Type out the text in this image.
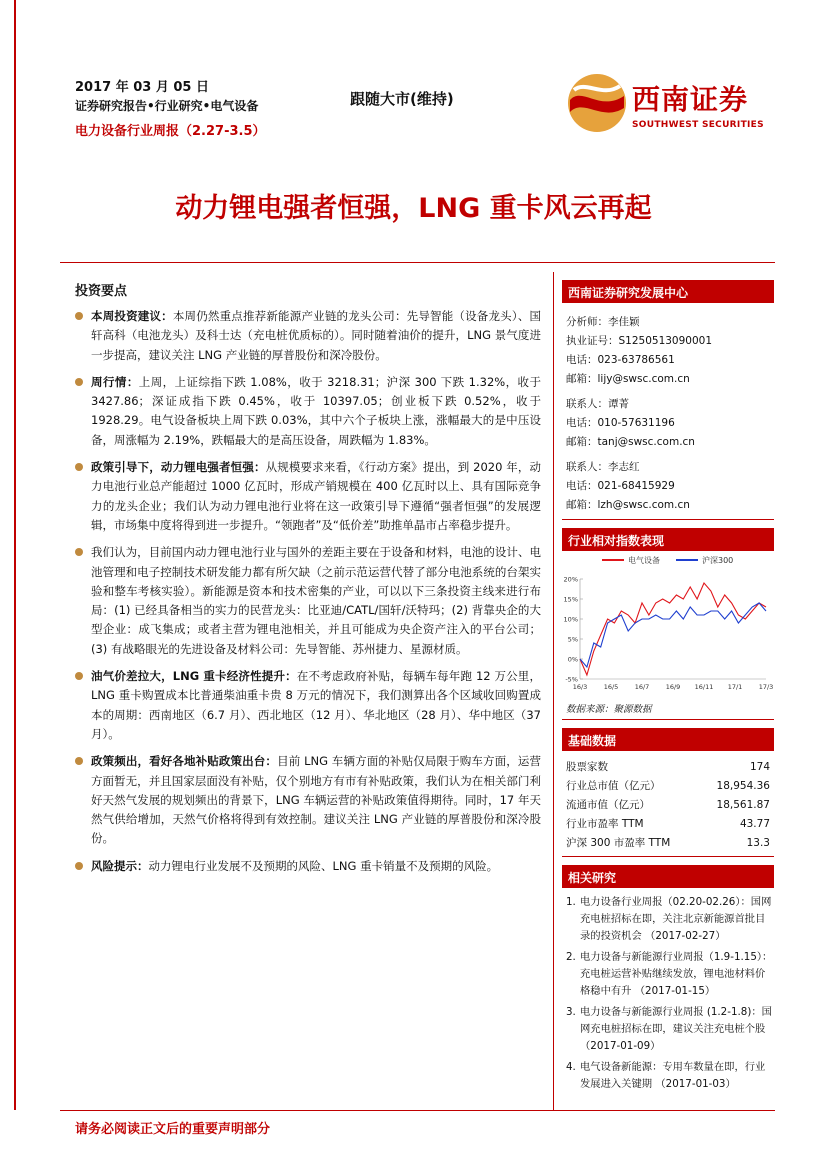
2017 年 03 月 05 日
证券研究报告•行业研究•电气设备
电力设备行业周报（2.27-3.5）
跟随大市(维持)	西南证券
SOUTHWEST SECURITIES
动力锂电强者恒强，LNG 重卡风云再起
投资要点
本周投资建议：本周仍然重点推荐新能源产业链的龙头公司：先导智能（设备龙头）、国轩高科（电池龙头）及科士达（充电桩优质标的）。同时随着油价的提升，LNG 景气度进一步提高，建议关注 LNG 产业链的厚普股份和深冷股份。
周行情：上周，上证综指下跌 1.08%，收于 3218.31；沪深 300 下跌 1.32%，收于 3427.86；深证成指下跌 0.45%，收于 10397.05；创业板下跌 0.52%，收于 1928.29。电气设备板块上周下跌 0.03%，其中六个子板块上涨，涨幅最大的是中压设备，周涨幅为 2.19%，跌幅最大的是高压设备，周跌幅为 1.83%。
政策引导下，动力锂电强者恒强：从规模要求来看，《行动方案》提出，到 2020 年，动力电池行业总产能超过 1000 亿瓦时，形成产销规模在 400 亿瓦时以上、具有国际竞争力的龙头企业；我们认为动力锂电池行业将在这一政策引导下遵循“强者恒强”的发展逻辑，市场集中度将得到进一步提升。“领跑者”及“低价差”助推单晶市占率稳步提升。
我们认为，目前国内动力锂电池行业与国外的差距主要在于设备和材料，电池的设计、电池管理和电子控制技术研发能力都有所欠缺（之前示范运营代替了部分电池系统的台架实验和整车考核实验）。新能源是资本和技术密集的产业，可以以下三条投资主线来进行布局：(1) 已经具备相当的实力的民营龙头：比亚迪/CATL/国轩/沃特玛；(2) 背靠央企的大型企业：成飞集成；或者主营为锂电池相关，并且可能成为央企资产注入的平台公司；(3) 有战略眼光的先进设备及材料公司：先导智能、苏州捷力、星源材质。
油气价差拉大，LNG 重卡经济性提升：在不考虑政府补贴，每辆车每年跑 12 万公里，LNG 重卡购置成本比普通柴油重卡贵 8 万元的情况下，我们测算出各个区域收回购置成本的周期：西南地区（6.7 月）、西北地区（12 月）、华北地区（28 月）、华中地区（37 月）。
政策频出，看好各地补贴政策出台：目前 LNG 车辆方面的补贴仅局限于购车方面，运营方面暂无，并且国家层面没有补贴，仅个别地方有市有补贴政策，我们认为在相关部门利好天然气发展的规划频出的背景下，LNG 车辆运营的补贴政策值得期待。同时，17 年天然气供给增加，天然气价格将得到有效控制。建议关注 LNG 产业链的厚普股份和深冷股份。
风险提示：动力锂电行业发展不及预期的风险、LNG 重卡销量不及预期的风险。
西南证券研究发展中心
分析师：李佳颖
执业证号：S1250513090001
电话：023-63786561
邮箱：lijy@swsc.com.cn
联系人：谭菁
电话：010-57631196
邮箱：tanj@swsc.com.cn
联系人：李志红
电话：021-68415929
邮箱：lzh@swsc.com.cn
行业相对指数表现
电气设备	沪深300
20%
15%
10%
5%
0%
-5%
16/3	16/5	16/7	16/9 16/11 17/1	17/3
数据来源：聚源数据
基础数据
股票家数	174
行业总市值（亿元）	18,954.36
流通市值（亿元）	18,561.87
行业市盈率 TTM	43.77
沪深 300 市盈率 TTM	13.3
相关研究
1. 电力设备行业周报（02.20-02.26）：国网充电桩招标在即，关注北京新能源首批目录的投资机会 （2017-02-27）
2. 电力设备与新能源行业周报（1.9-1.15）：充电桩运营补贴继续发放，锂电池材料价格稳中有升 （2017-01-15）
3. 电力设备与新能源行业周报 (1.2-1.8)：国网充电桩招标在即，建议关注充电桩个股 （2017-01-09）
4. 电气设备新能源：专用车数量在即，行业发展进入关键期 （2017-01-03）
请务必阅读正文后的重要声明部分
